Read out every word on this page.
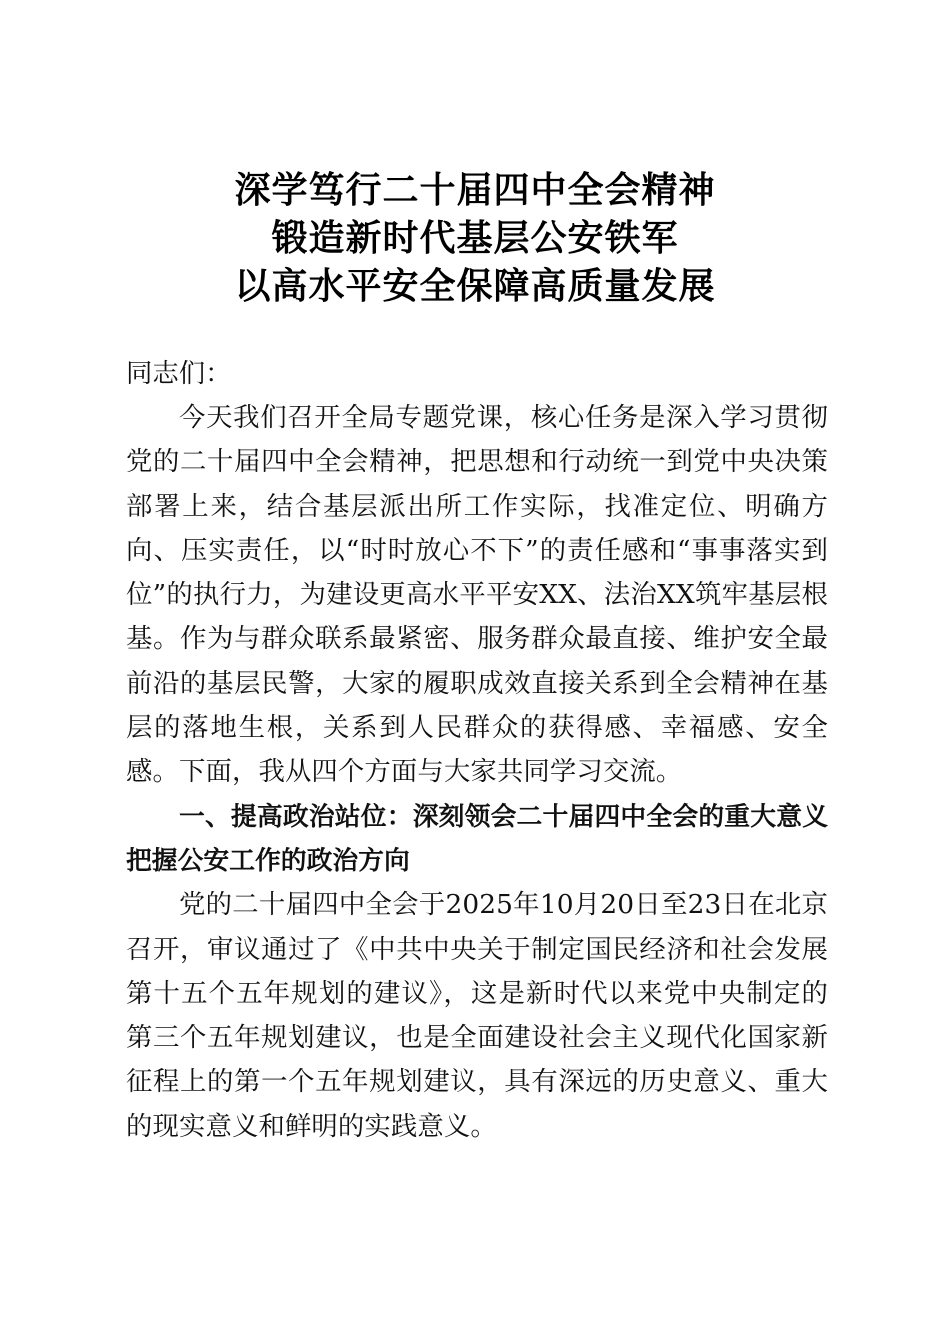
深学笃行二十届四中全会精神
锻造新时代基层公安铁军
以高水平安全保障高质量发展

同志们：

今天我们召开全局专题党课，核心任务是深入学习贯彻党的二十届四中全会精神，把思想和行动统一到党中央决策部署上来，结合基层派出所工作实际，找准定位、明确方向、压实责任，以“时时放心不下”的责任感和“事事落实到位”的执行力，为建设更高水平平安XX、法治XX筑牢基层根基。作为与群众联系最紧密、服务群众最直接、维护安全最前沿的基层民警，大家的履职成效直接关系到全会精神在基层的落地生根，关系到人民群众的获得感、幸福感、安全感。下面，我从四个方面与大家共同学习交流。

一、提高政治站位：深刻领会二十届四中全会的重大意义把握公安工作的政治方向

党的二十届四中全会于2025年10月20日至23日在北京召开，审议通过了《中共中央关于制定国民经济和社会发展第十五个五年规划的建议》，这是新时代以来党中央制定的第三个五年规划建议，也是全面建设社会主义现代化国家新征程上的第一个五年规划建议，具有深远的历史意义、重大的现实意义和鲜明的实践意义。
